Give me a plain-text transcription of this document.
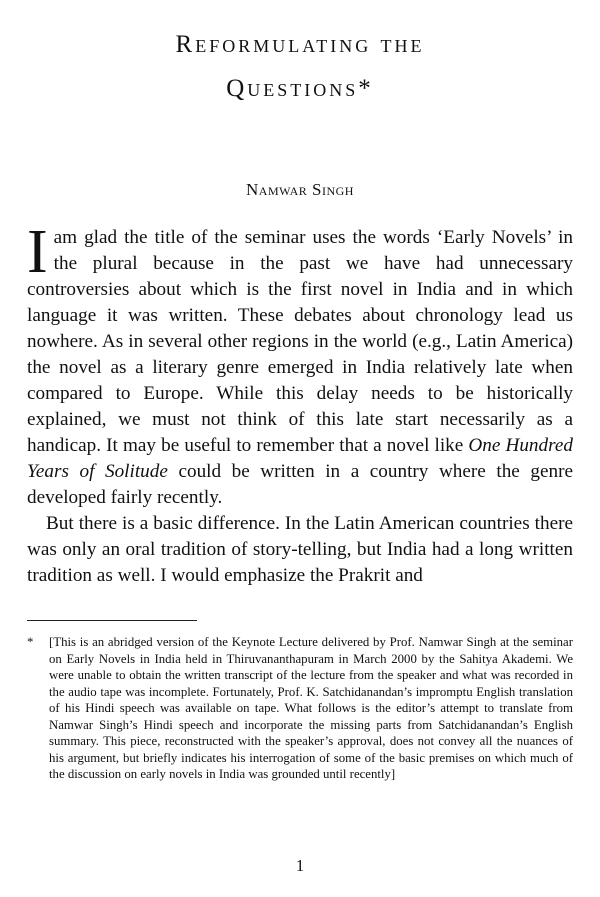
Reformulating the
Questions*
Namwar Singh

Iam glad the title of the seminar uses the words ‘Early Novels’ in the plural because in the past we have had unnecessary controversies about which is the first novel in India and in which language it was written. These debates about chronology lead us nowhere. As in several other regions in the world (e.g., Latin America) the novel as a literary genre emerged in India relatively late when compared to Europe. While this delay needs to be historically explained, we must not think of this late start necessarily as a handicap. It may be useful to remember that a novel like One Hundred Years of Solitude could be written in a country where the genre developed fairly recently.

But there is a basic difference. In the Latin American countries there was only an oral tradition of story-telling, but India had a long written tradition as well. I would emphasize the Prakrit and

* [This is an abridged version of the Keynote Lecture delivered by Prof. Namwar Singh at the seminar on Early Novels in India held in Thiruvananthapuram in March 2000 by the Sahitya Akademi. We were unable to obtain the written transcript of the lecture from the speaker and what was recorded in the audio tape was incomplete. Fortunately, Prof. K. Satchidanandan’s impromptu English translation of his Hindi speech was available on tape. What follows is the editor’s attempt to translate from Namwar Singh’s Hindi speech and incorporate the missing parts from Satchidanandan’s English summary. This piece, reconstructed with the speaker’s approval, does not convey all the nuances of his argument, but briefly indicates his interrogation of some of the basic premises on which much of the discussion on early novels in India was grounded until recently]
1
